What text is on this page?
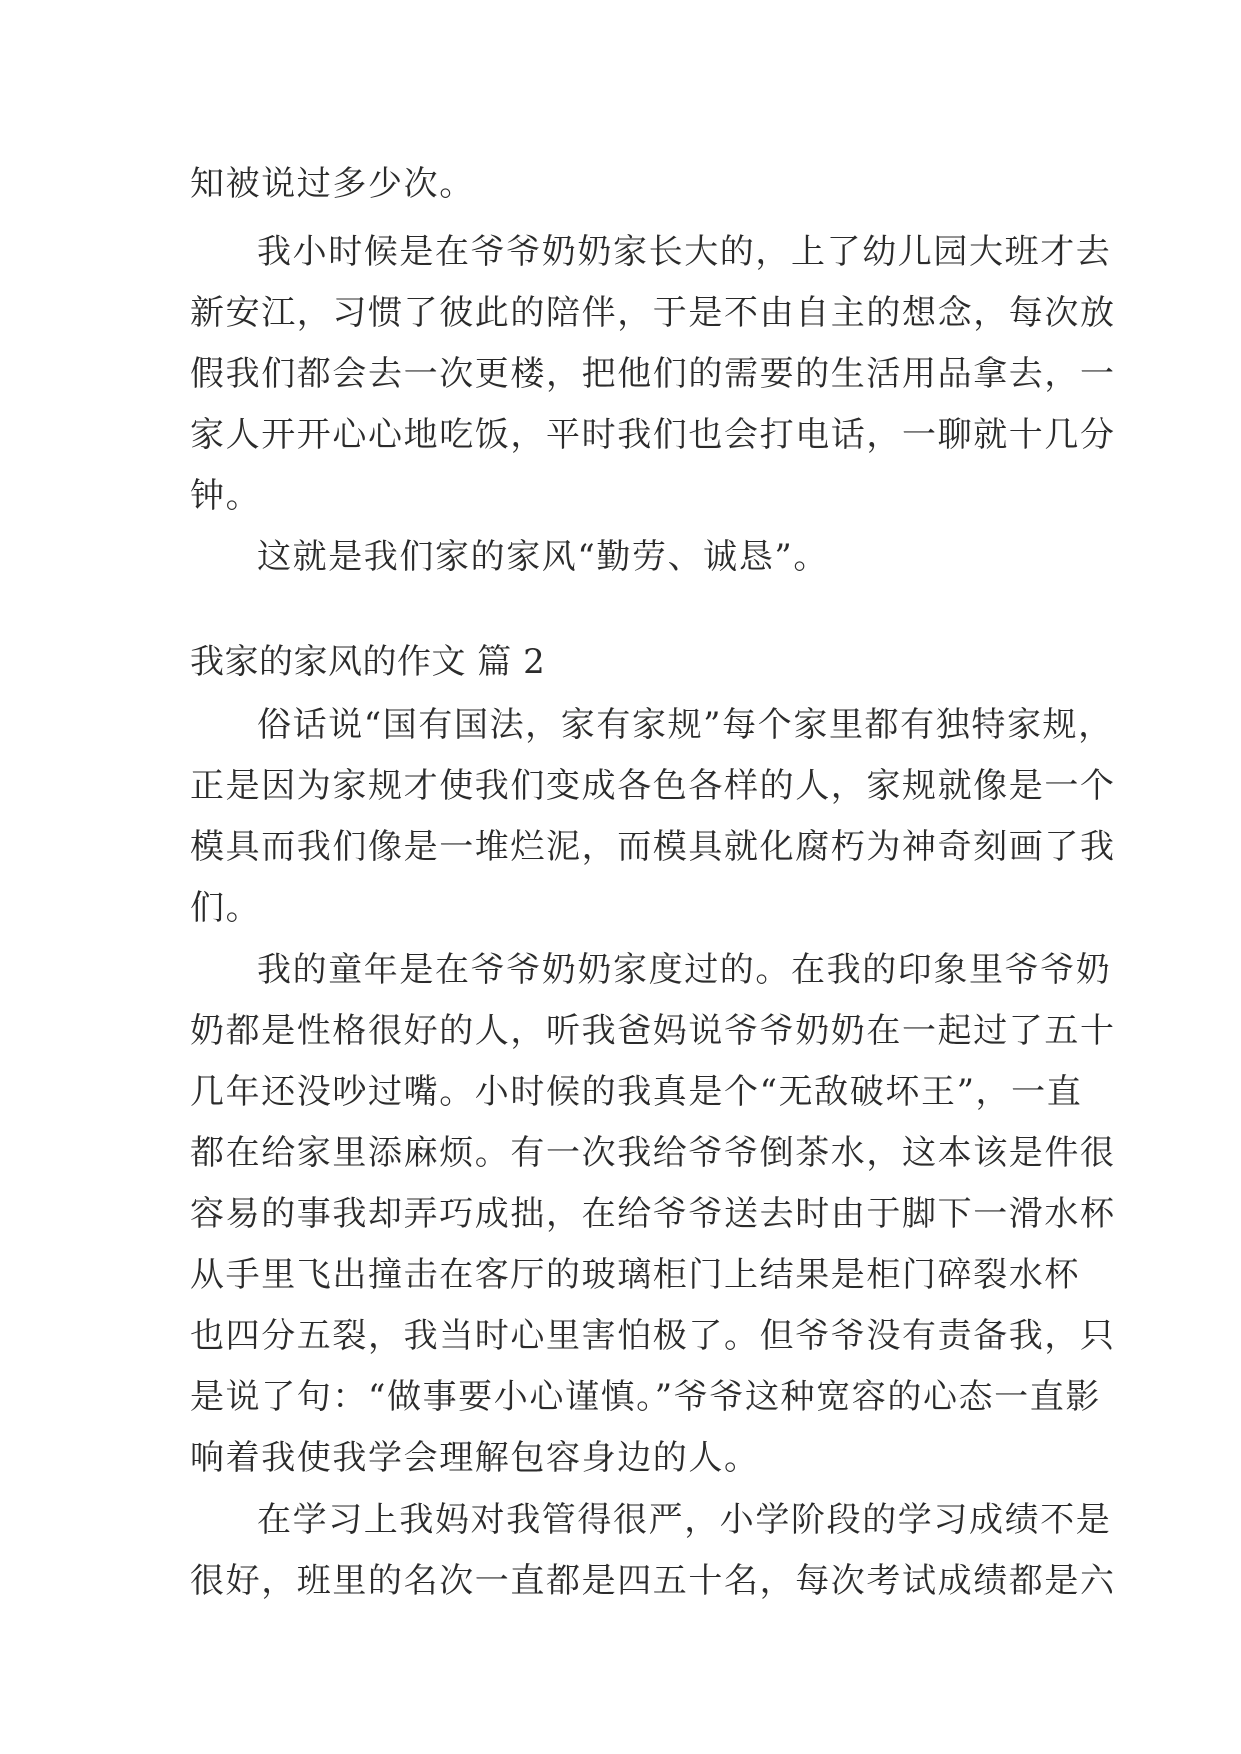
知被说过多少次。
我小时候是在爷爷奶奶家长大的，上了幼儿园大班才去
新安江，习惯了彼此的陪伴，于是不由自主的想念，每次放
假我们都会去一次更楼，把他们的需要的生活用品拿去，一
家人开开心心地吃饭，平时我们也会打电话，一聊就十几分
钟。
这就是我们家的家风“勤劳、诚恳”。
我家的家风的作文 篇 2
俗话说“国有国法，家有家规”每个家里都有独特家规，
正是因为家规才使我们变成各色各样的人，家规就像是一个
模具而我们像是一堆烂泥，而模具就化腐朽为神奇刻画了我
们。
我的童年是在爷爷奶奶家度过的。在我的印象里爷爷奶
奶都是性格很好的人，听我爸妈说爷爷奶奶在一起过了五十
几年还没吵过嘴。小时候的我真是个“无敌破坏王”，一直
都在给家里添麻烦。有一次我给爷爷倒茶水，这本该是件很
容易的事我却弄巧成拙，在给爷爷送去时由于脚下一滑水杯
从手里飞出撞击在客厅的玻璃柜门上结果是柜门碎裂水杯
也四分五裂，我当时心里害怕极了。但爷爷没有责备我，只
是说了句：“做事要小心谨慎。”爷爷这种宽容的心态一直影
响着我使我学会理解包容身边的人。
在学习上我妈对我管得很严，小学阶段的学习成绩不是
很好，班里的名次一直都是四五十名，每次考试成绩都是六
